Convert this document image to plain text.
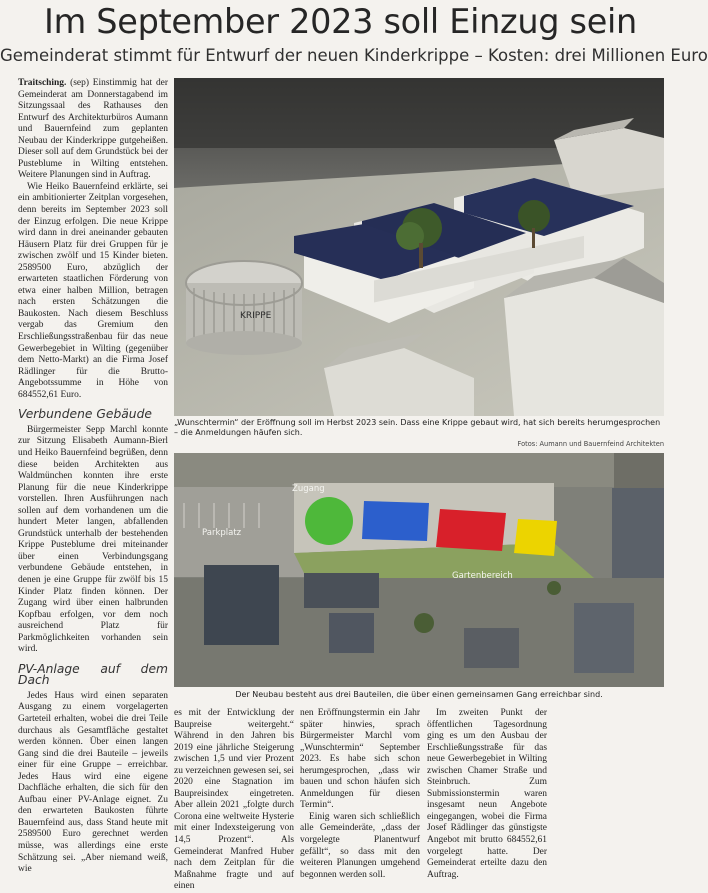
Im September 2023 soll Einzug sein
Gemeinderat stimmt für Entwurf der neuen Kinderkrippe – Kosten: drei Millionen Euro

Traitsching. (sep) Einstimmig hat der Gemeinderat am Donnerstagabend im Sitzungssaal des Rathauses den Entwurf des Architekturbüros Aumann und Bauernfeind zum geplanten Neubau der Kinderkrippe gutgeheißen. Dieser soll auf dem Grundstück bei der Pusteblume in Wilting entstehen. Weitere Planungen sind in Auftrag.

Wie Heiko Bauernfeind erklärte, sei ein ambitionierter Zeitplan vorgesehen, denn bereits im September 2023 soll der Einzug erfolgen. Die neue Krippe wird dann in drei aneinander gebauten Häusern Platz für drei Gruppen für je zwischen zwölf und 15 Kinder bieten. 2589500 Euro, abzüglich der erwarteten staatlichen Förderung von etwa einer halben Million, betragen nach ersten Schätzungen die Baukosten. Nach diesem Beschluss vergab das Gremium den Erschließungsstraßenbau für das neue Gewerbegebiet in Wilting (gegenüber dem Netto-Markt) an die Firma Josef Rädlinger für die Brutto-Angebotssumme in Höhe von 684552,61 Euro.

Verbundene Gebäude

Bürgermeister Sepp Marchl konnte zur Sitzung Elisabeth Aumann-Bierl und Heiko Bauernfeind begrüßen, denn diese beiden Architekten aus Waldmünchen konnten ihre erste Planung für die neue Kinderkrippe vorstellen. Ihren Ausführungen nach sollen auf dem vorhandenen um die hundert Meter langen, abfallenden Grundstück unterhalb der bestehenden Krippe Pusteblume drei miteinander über einen Verbindungsgang verbundene Gebäude entstehen, in denen je eine Gruppe für zwölf bis 15 Kinder Platz finden können. Der Zugang wird über einen halbrunden Kopfbau erfolgen, vor dem noch ausreichend Platz für Parkmöglichkeiten vorhanden sein wird.

PV-Anlage auf dem Dach

Jedes Haus wird einen separaten Ausgang zu einem vorgelagerten Garteteil erhalten, wobei die drei Teile durchaus als Gesamtfläche gestaltet werden können. Über einen langen Gang sind die drei Bauteile – jeweils einer für eine Gruppe – erreichbar. Jedes Haus wird eine eigene Dachfläche erhalten, die sich für den Aufbau einer PV-Anlage eignet. Zu den erwarteten Baukosten führte Bauernfeind aus, dass Stand heute mit 2589500 Euro gerechnet werden müsse, was allerdings eine erste Schätzung sei. „Aber niemand weiß, wie

KRIPPE
„Wunschtermin“ der Eröffnung soll im Herbst 2023 sein. Dass eine Krippe gebaut wird, hat sich bereits herumgesprochen – die Anmeldungen häufen sich.
Fotos: Aumann und Bauernfeind Architekten
Parkplatz
Zugang
Gartenbereich
Der Neubau besteht aus drei Bauteilen, die über einen gemeinsamen Gang erreichbar sind.

es mit der Entwicklung der Baupreise weitergeht.“ Während in den Jahren bis 2019 eine jährliche Steigerung zwischen 1,5 und vier Prozent zu verzeichnen gewesen sei, sei 2020 eine Stagnation im Baupreisindex eingetreten. Aber allein 2021 „folgte durch Corona eine weltweite Hysterie mit einer Indexsteigerung von 14,5 Prozent“. Als Gemeinderat Manfred Huber nach dem Zeitplan für die Maßnahme fragte und auf einen

nen Eröffnungstermin ein Jahr später hinwies, sprach Bürgermeister Marchl vom „Wunschtermin“ September 2023. Es habe sich schon herumgesprochen, „dass wir bauen und schon häufen sich Anmeldungen für diesen Termin“.

Einig waren sich schließlich alle Gemeinderäte, „dass der vorgelegte Planentwurf gefällt“, so dass mit den weiteren Planungen umgehend begonnen werden soll.

Im zweiten Punkt der öffentlichen Tagesordnung ging es um den Ausbau der Erschließungsstraße für das neue Gewerbegebiet in Wilting zwischen Chamer Straße und Steinbruch. Zum Submissionstermin waren insgesamt neun Angebote eingegangen, wobei die Firma Josef Rädlinger das günstigste Angebot mit brutto 684552,61 vorgelegt hatte. Der Gemeinderat erteilte dazu den Auftrag.
